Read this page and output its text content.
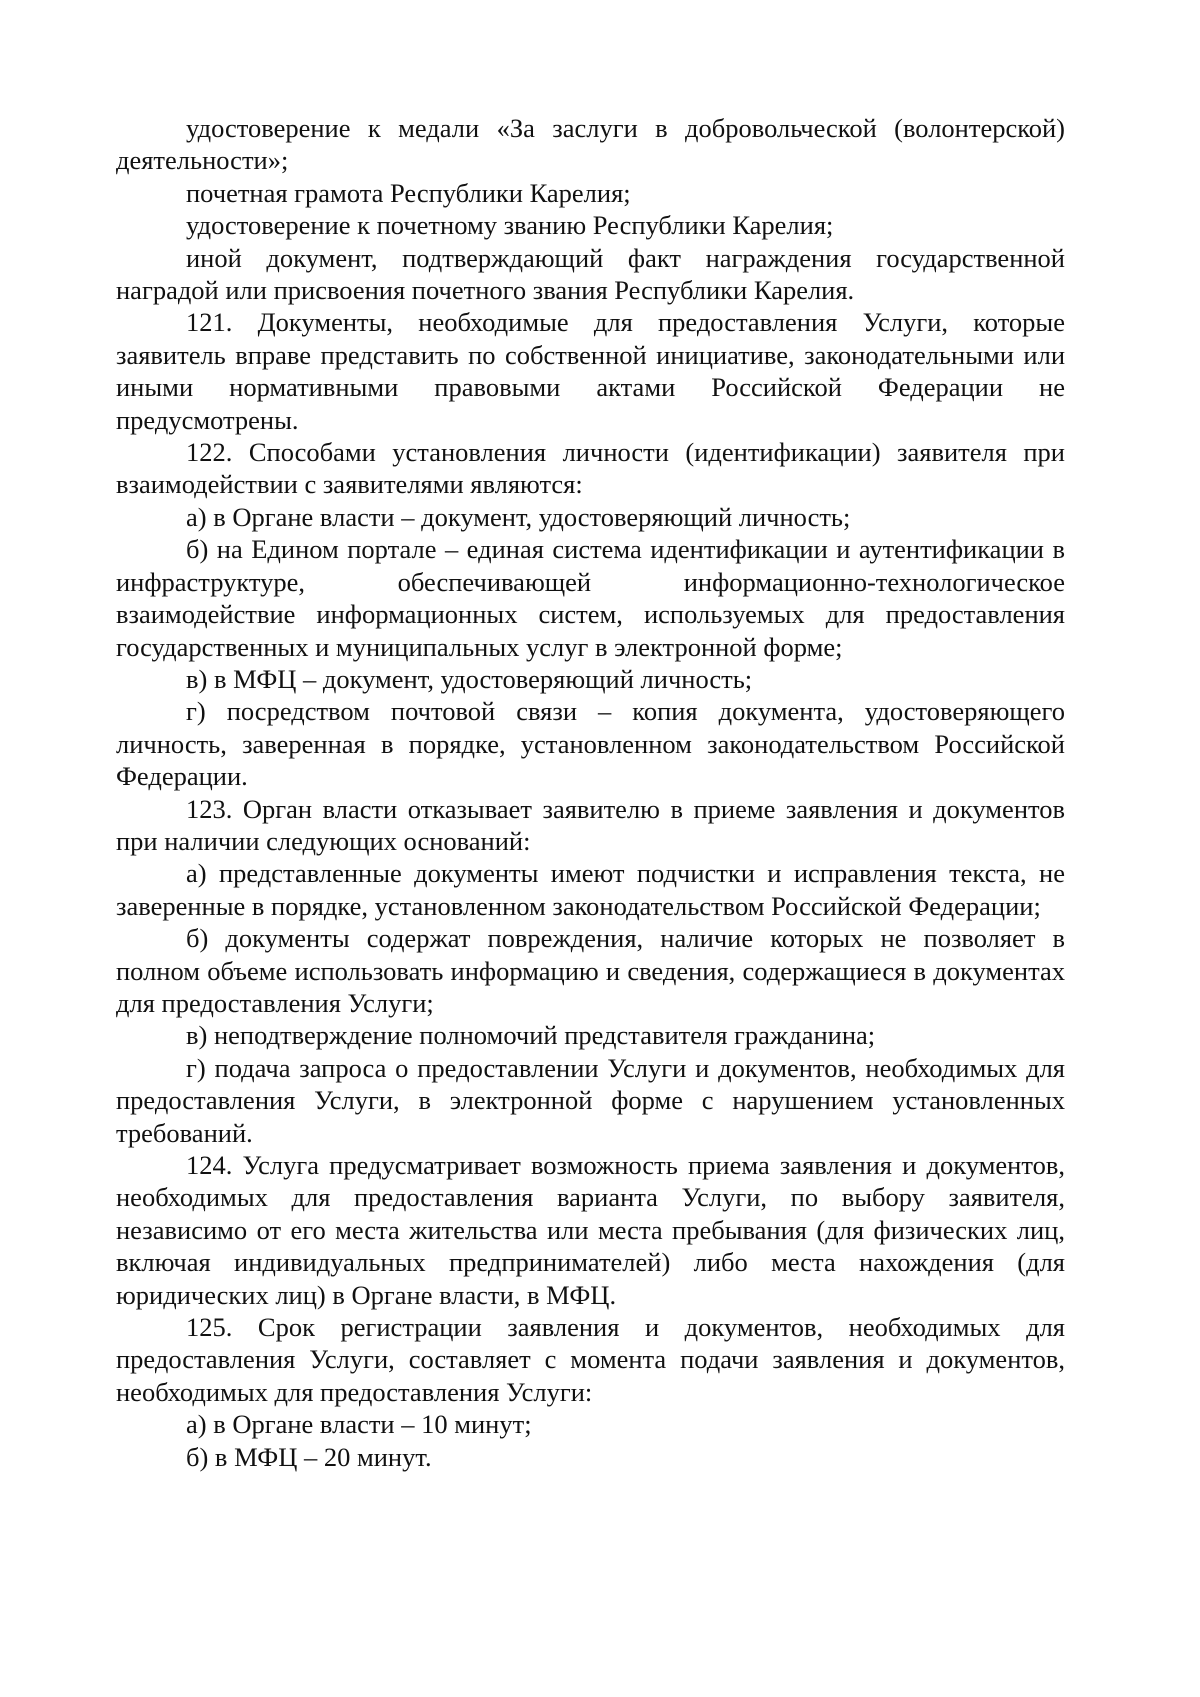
удостоверение к медали «За заслуги в добровольческой (волонтерской) деятельности»;

почетная грамота Республики Карелия;

удостоверение к почетному званию Республики Карелия;

иной документ, подтверждающий факт награждения государственной наградой или присвоения почетного звания Республики Карелия.

121. Документы, необходимые для предоставления Услуги, которые заявитель вправе представить по собственной инициативе, законодательными или иными нормативными правовыми актами Российской Федерации не предусмотрены.

122. Способами установления личности (идентификации) заявителя при взаимодействии с заявителями являются:

а) в Органе власти – документ, удостоверяющий личность;

б) на Едином портале – единая система идентификации и аутентификации в инфраструктуре, обеспечивающей информационно-технологическое взаимодействие информационных систем, используемых для предоставления государственных и муниципальных услуг в электронной форме;

в) в МФЦ – документ, удостоверяющий личность;

г) посредством почтовой связи – копия документа, удостоверяющего личность, заверенная в порядке, установленном законодательством Российской Федерации.

123. Орган власти отказывает заявителю в приеме заявления и документов при наличии следующих оснований:

а) представленные документы имеют подчистки и исправления текста, не заверенные в порядке, установленном законодательством Российской Федерации;

б) документы содержат повреждения, наличие которых не позволяет в полном объеме использовать информацию и сведения, содержащиеся в документах для предоставления Услуги;

в) неподтверждение полномочий представителя гражданина;

г) подача запроса о предоставлении Услуги и документов, необходимых для предоставления Услуги, в электронной форме с нарушением установленных требований.

124. Услуга предусматривает возможность приема заявления и документов, необходимых для предоставления варианта Услуги, по выбору заявителя, независимо от его места жительства или места пребывания (для физических лиц, включая индивидуальных предпринимателей) либо места нахождения (для юридических лиц) в Органе власти, в МФЦ.

125. Срок регистрации заявления и документов, необходимых для предоставления Услуги, составляет с момента подачи заявления и документов, необходимых для предоставления Услуги:

а) в Органе власти – 10 минут;

б) в МФЦ – 20 минут.
